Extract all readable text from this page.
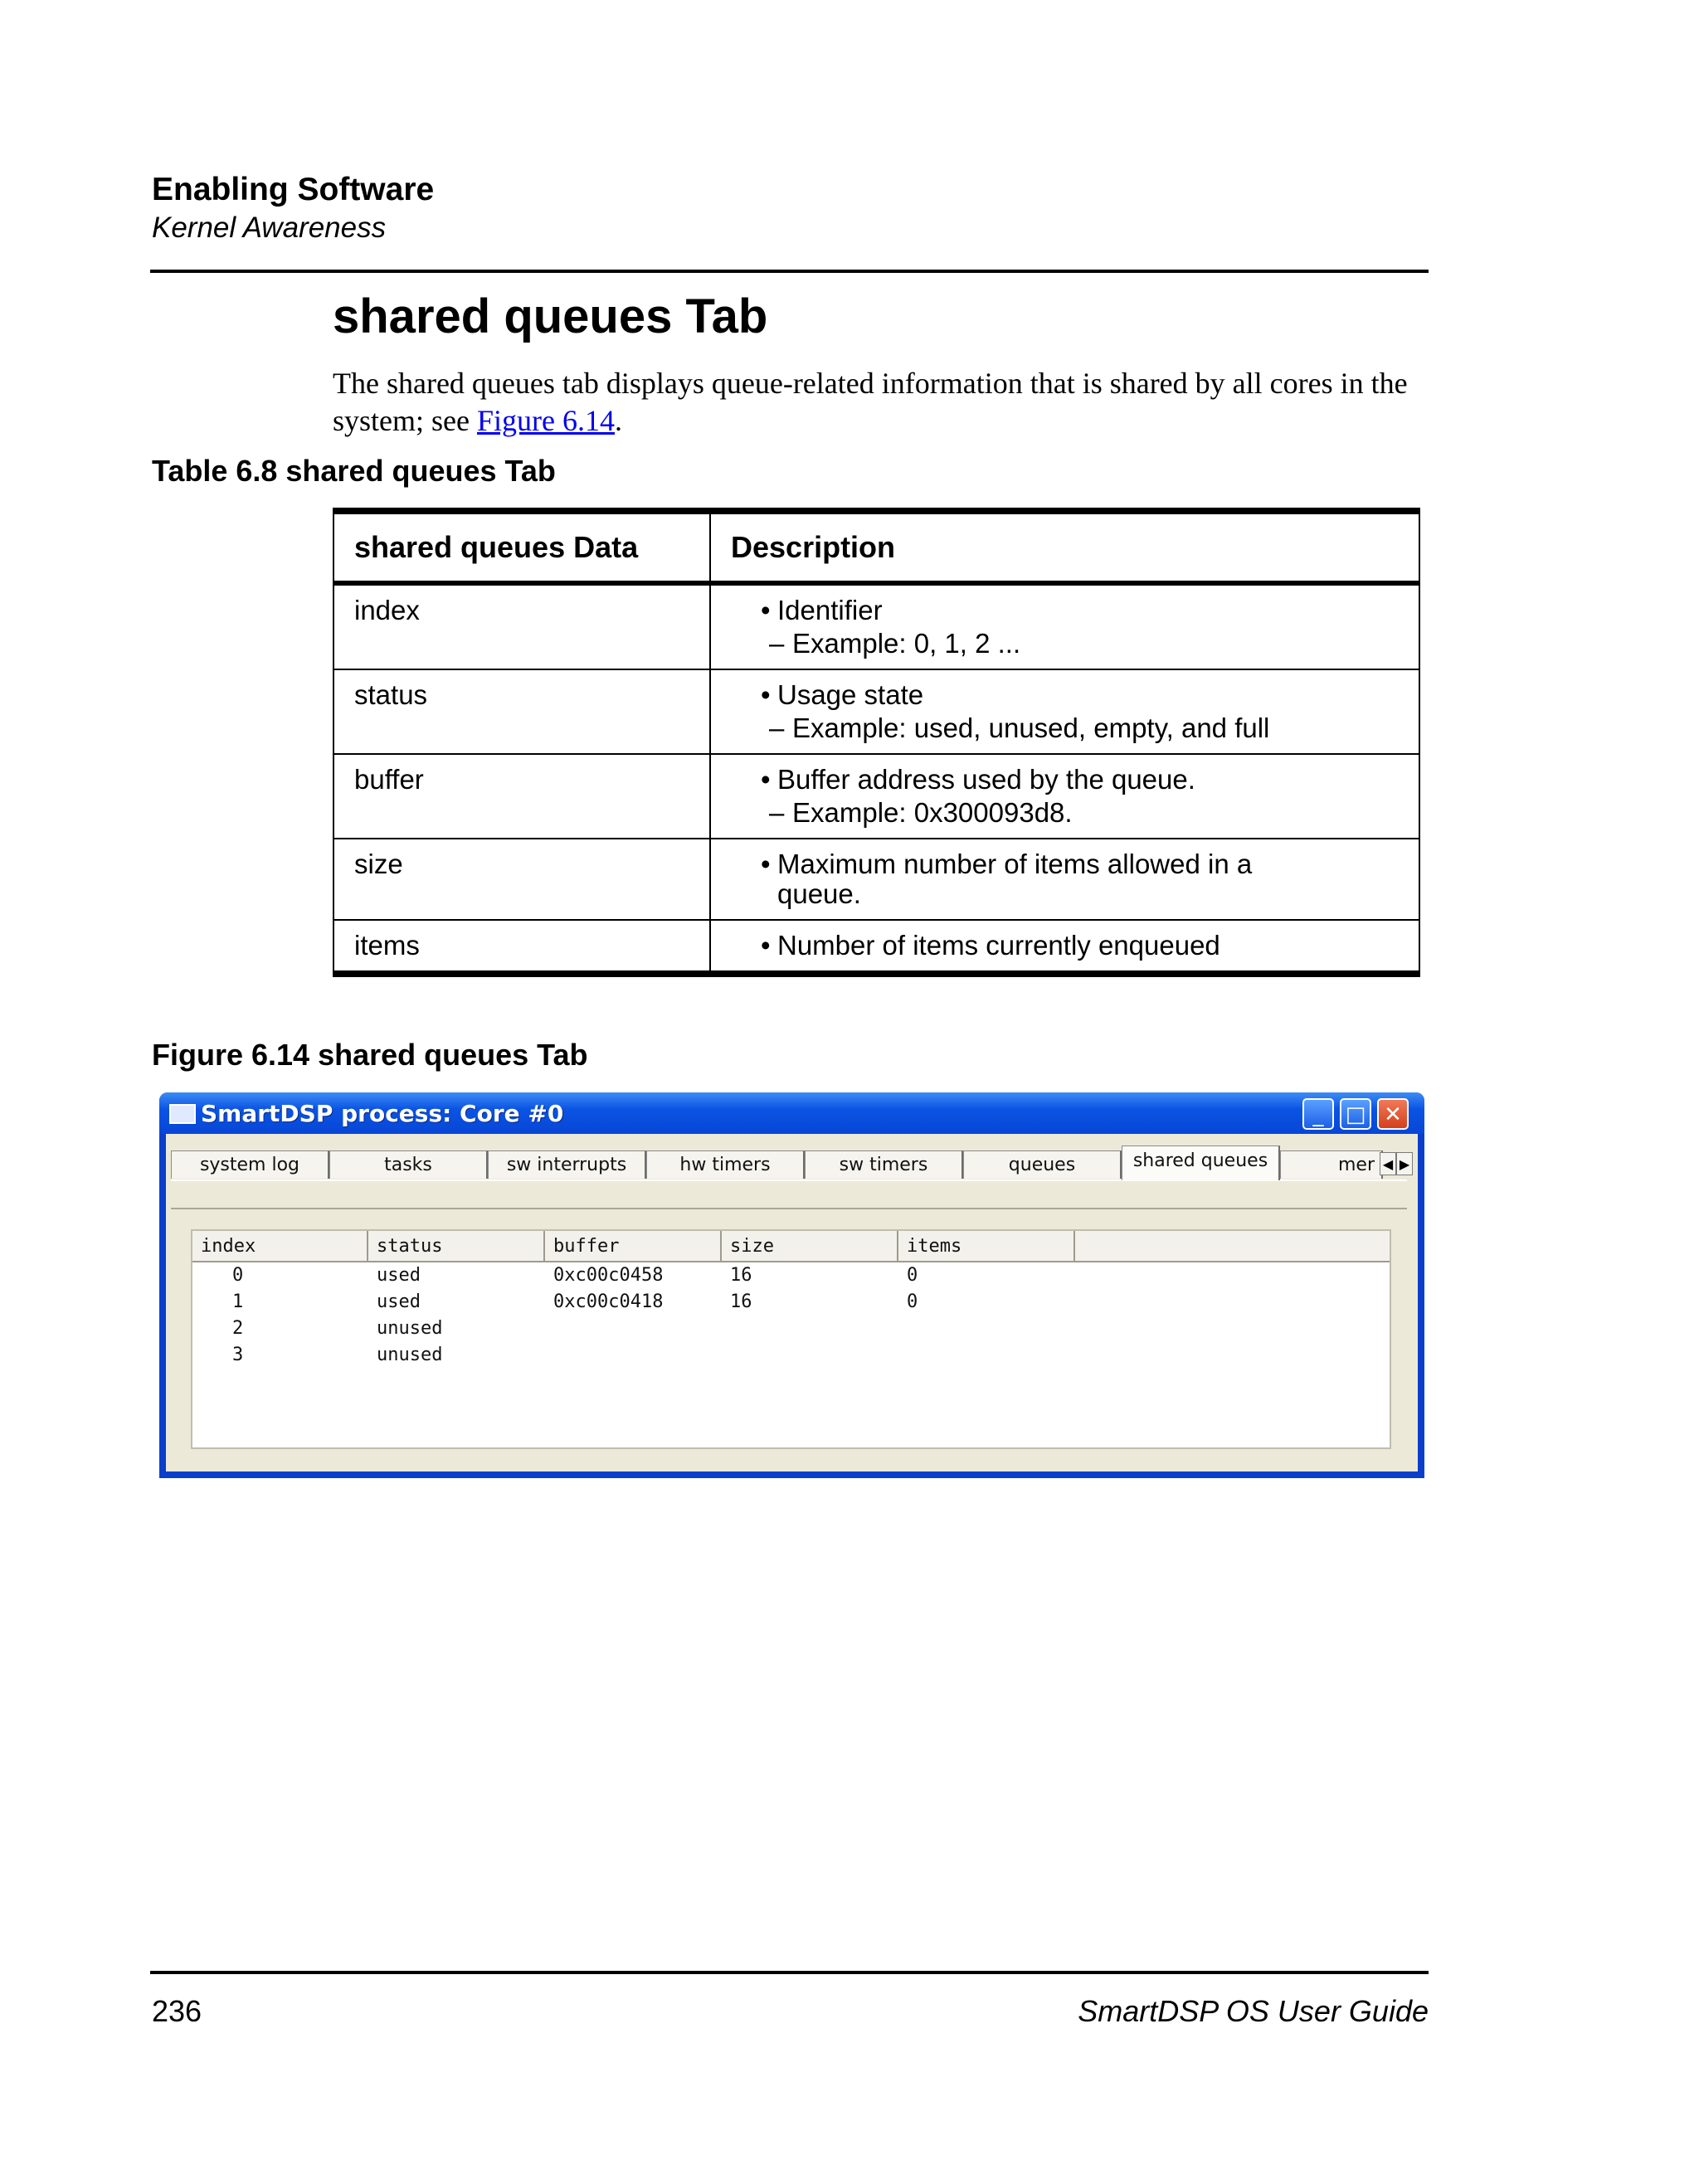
Enabling Software
Kernel Awareness
shared queues Tab
The shared queues tab displays queue-related information that is shared by all cores in the system; see Figure 6.14.
Table 6.8 shared queues Tab
shared queues Data	Description
index	• Identifier
– Example: 0, 1, 2 ...

status	• Usage state
– Example: used, unused, empty, and full

buffer	• Buffer address used by the queue.
– Example: 0x300093d8.

size	• Maximum number of items allowed in a queue.

items	• Number of items currently enqueued
Figure 6.14 shared queues Tab
SmartDSP process: Core #0	_	□ ✕
system log	tasks	sw interrupts	hw timers	sw timers	queues	shared queues	mer ◀ ▶
index	status	buffer	size	items
0	used	0xc00c0458	16	0
1	used	0xc00c0418	16	0
2	unused
3	unused
236	SmartDSP OS User Guide
